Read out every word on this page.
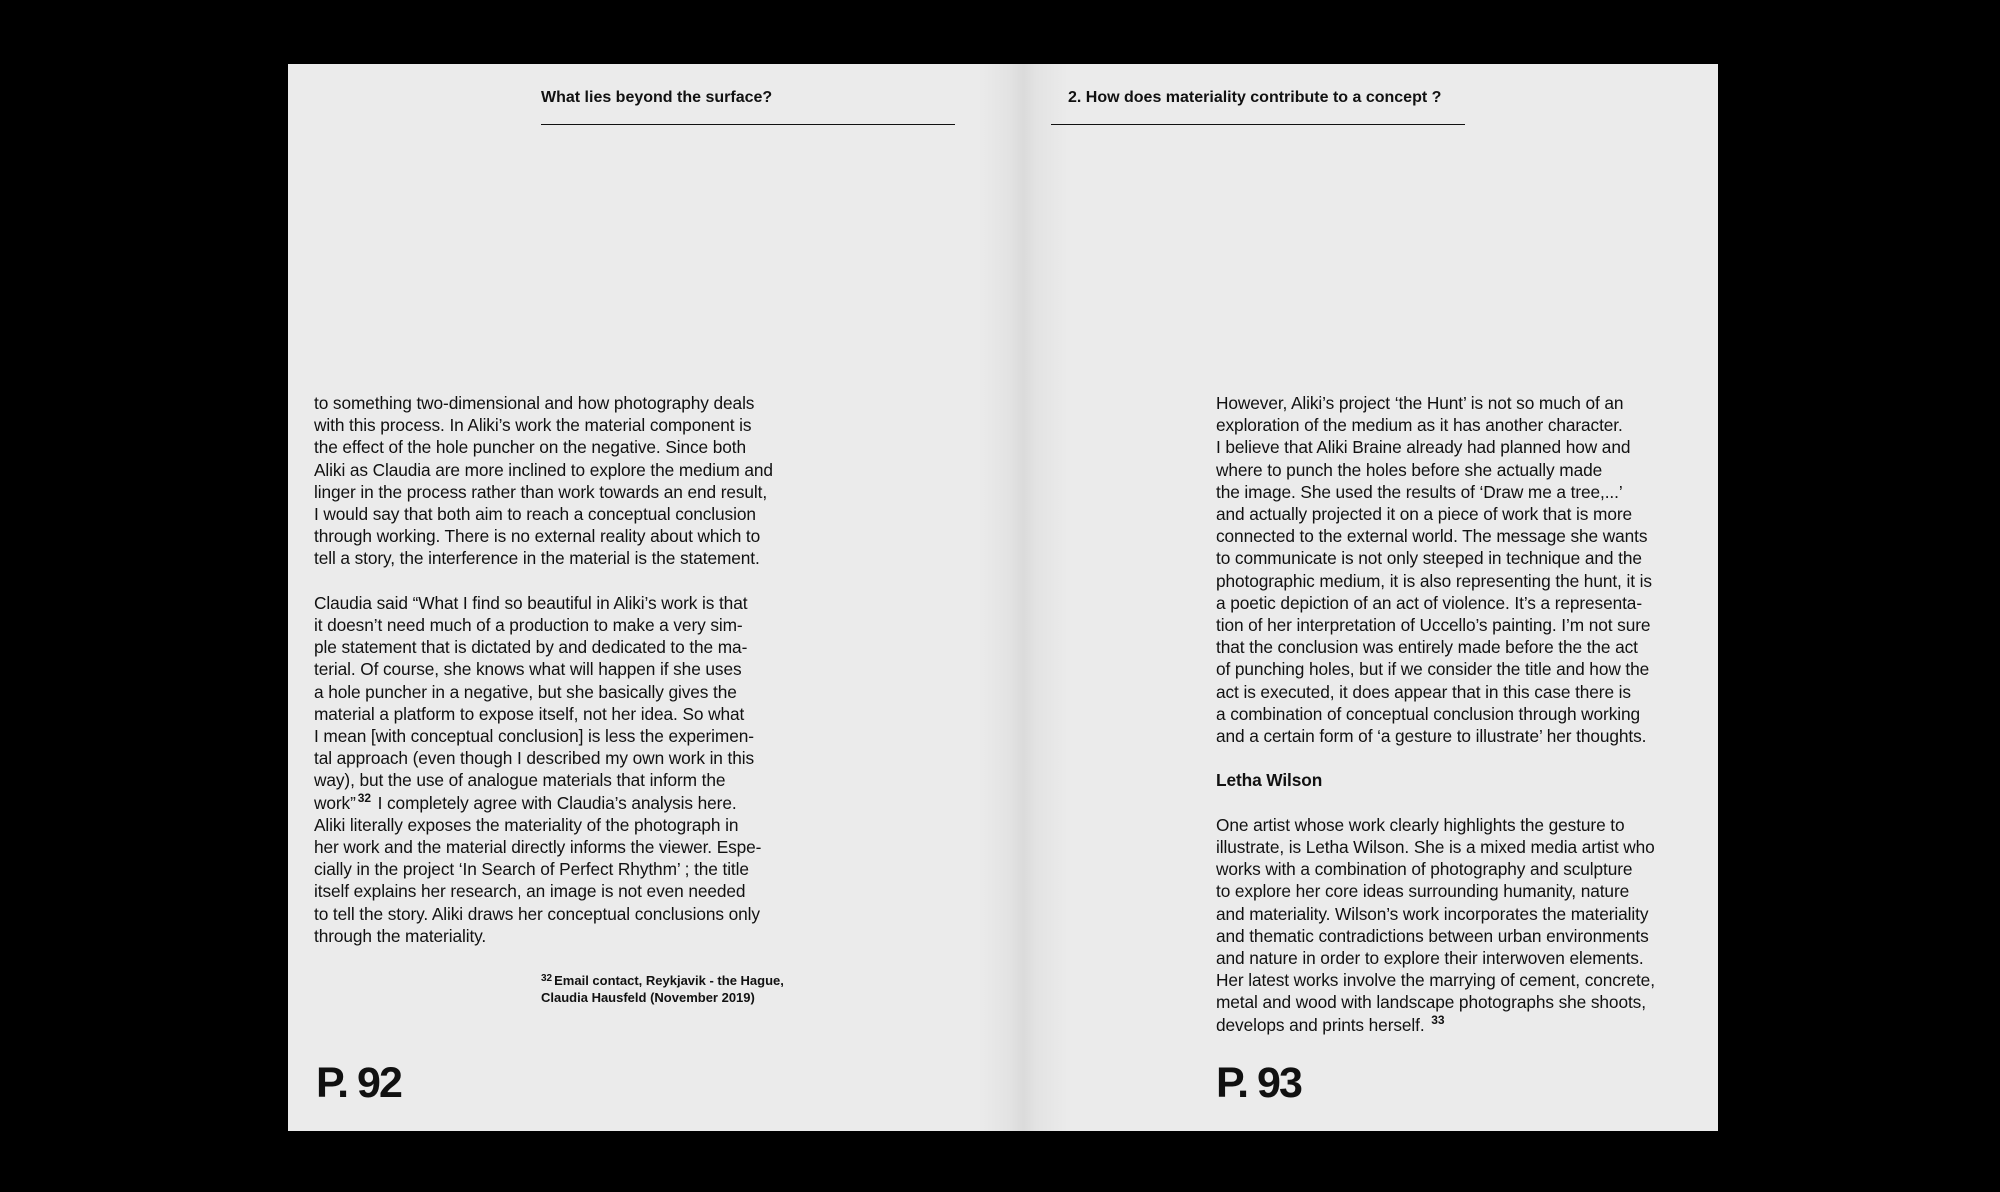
What lies beyond the surface?	2. How does materiality contribute to a concept ?

to something two-dimensional and how photography deals
with this process. In Aliki’s work the material component is
the effect of the hole puncher on the negative. Since both
Aliki as Claudia are more inclined to explore the medium and
linger in the process rather than work towards an end result,
I would say that both aim to reach a conceptual conclusion
through working. There is no external reality about which to
tell a story, the interference in the material is the statement.

Claudia said “What I find so beautiful in Aliki’s work is that
it doesn’t need much of a production to make a very sim-
ple statement that is dictated by and dedicated to the ma-
terial. Of course, she knows what will happen if she uses
a hole puncher in a negative, but she basically gives the
material a platform to expose itself, not her idea. So what
I mean [with conceptual conclusion] is less the experimen-
tal approach (even though I described my own work in this
way), but the use of analogue materials that inform the
work” $^{32}$ I completely agree with Claudia’s analysis here.
Aliki literally exposes the materiality of the photograph in
her work and the material directly informs the viewer. Espe-
cially in the project ‘In Search of Perfect Rhythm’ ; the title
itself explains her research, an image is not even needed
to tell the story. Aliki draws her conceptual conclusions only
through the materiality.

$^{32}$ Email contact, Reykjavik - the Hague,
Claudia Hausfeld (November 2019)

However, Aliki’s project ‘the Hunt’ is not so much of an
exploration of the medium as it has another character.
I believe that Aliki Braine already had planned how and
where to punch the holes before she actually made
the image. She used the results of ‘Draw me a tree,...’
and actually projected it on a piece of work that is more
connected to the external world. The message she wants
to communicate is not only steeped in technique and the
photographic medium, it is also representing the hunt, it is
a poetic depiction of an act of violence. It’s a representa-
tion of her interpretation of Uccello’s painting. I’m not sure
that the conclusion was entirely made before the the act
of punching holes, but if we consider the title and how the
act is executed, it does appear that in this case there is
a combination of conceptual conclusion through working
and a certain form of ‘a gesture to illustrate’ her thoughts.

Letha Wilson

One artist whose work clearly highlights the gesture to
illustrate, is Letha Wilson. She is a mixed media artist who
works with a combination of photography and sculpture
to explore her core ideas surrounding humanity, nature
and materiality. Wilson’s work incorporates the materiality
and thematic contradictions between urban environments
and nature in order to explore their interwoven elements.
Her latest works involve the marrying of cement, concrete,
metal and wood with landscape photographs she shoots,
develops and prints herself. $^{33}$

P. 92	P. 93
